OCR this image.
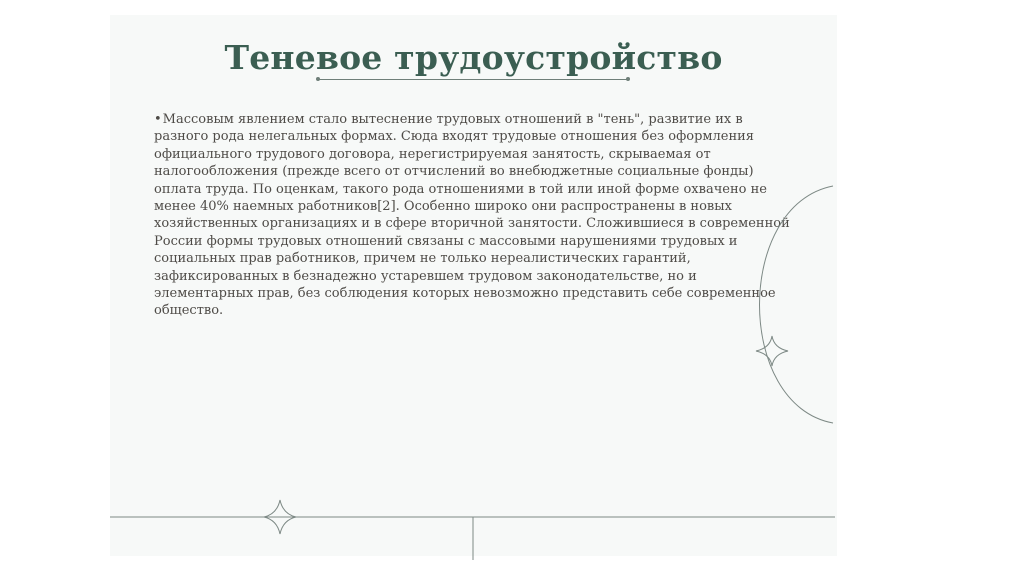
Теневое трудоустройство

•Массовым явлением стало вытеснение трудовых отношений в "тень", развитие их в разного рода нелегальных формах. Сюда входят трудовые отношения без оформления официального трудового договора, нерегистрируемая занятость, скрываемая от налогообложения (прежде всего от отчислений во внебюджетные социальные фонды) оплата труда. По оценкам, такого рода отношениями в той или иной форме охвачено не менее 40% наемных работников[2]. Особенно широко они распространены в новых хозяйственных организациях и в сфере вторичной занятости. Сложившиеся в современной России формы трудовых отношений связаны с массовыми нарушениями трудовых и социальных прав работников, причем не только нереалистических гарантий, зафиксированных в безнадежно устаревшем трудовом законодательстве, но и элементарных прав, без соблюдения которых невозможно представить себе современное общество.
